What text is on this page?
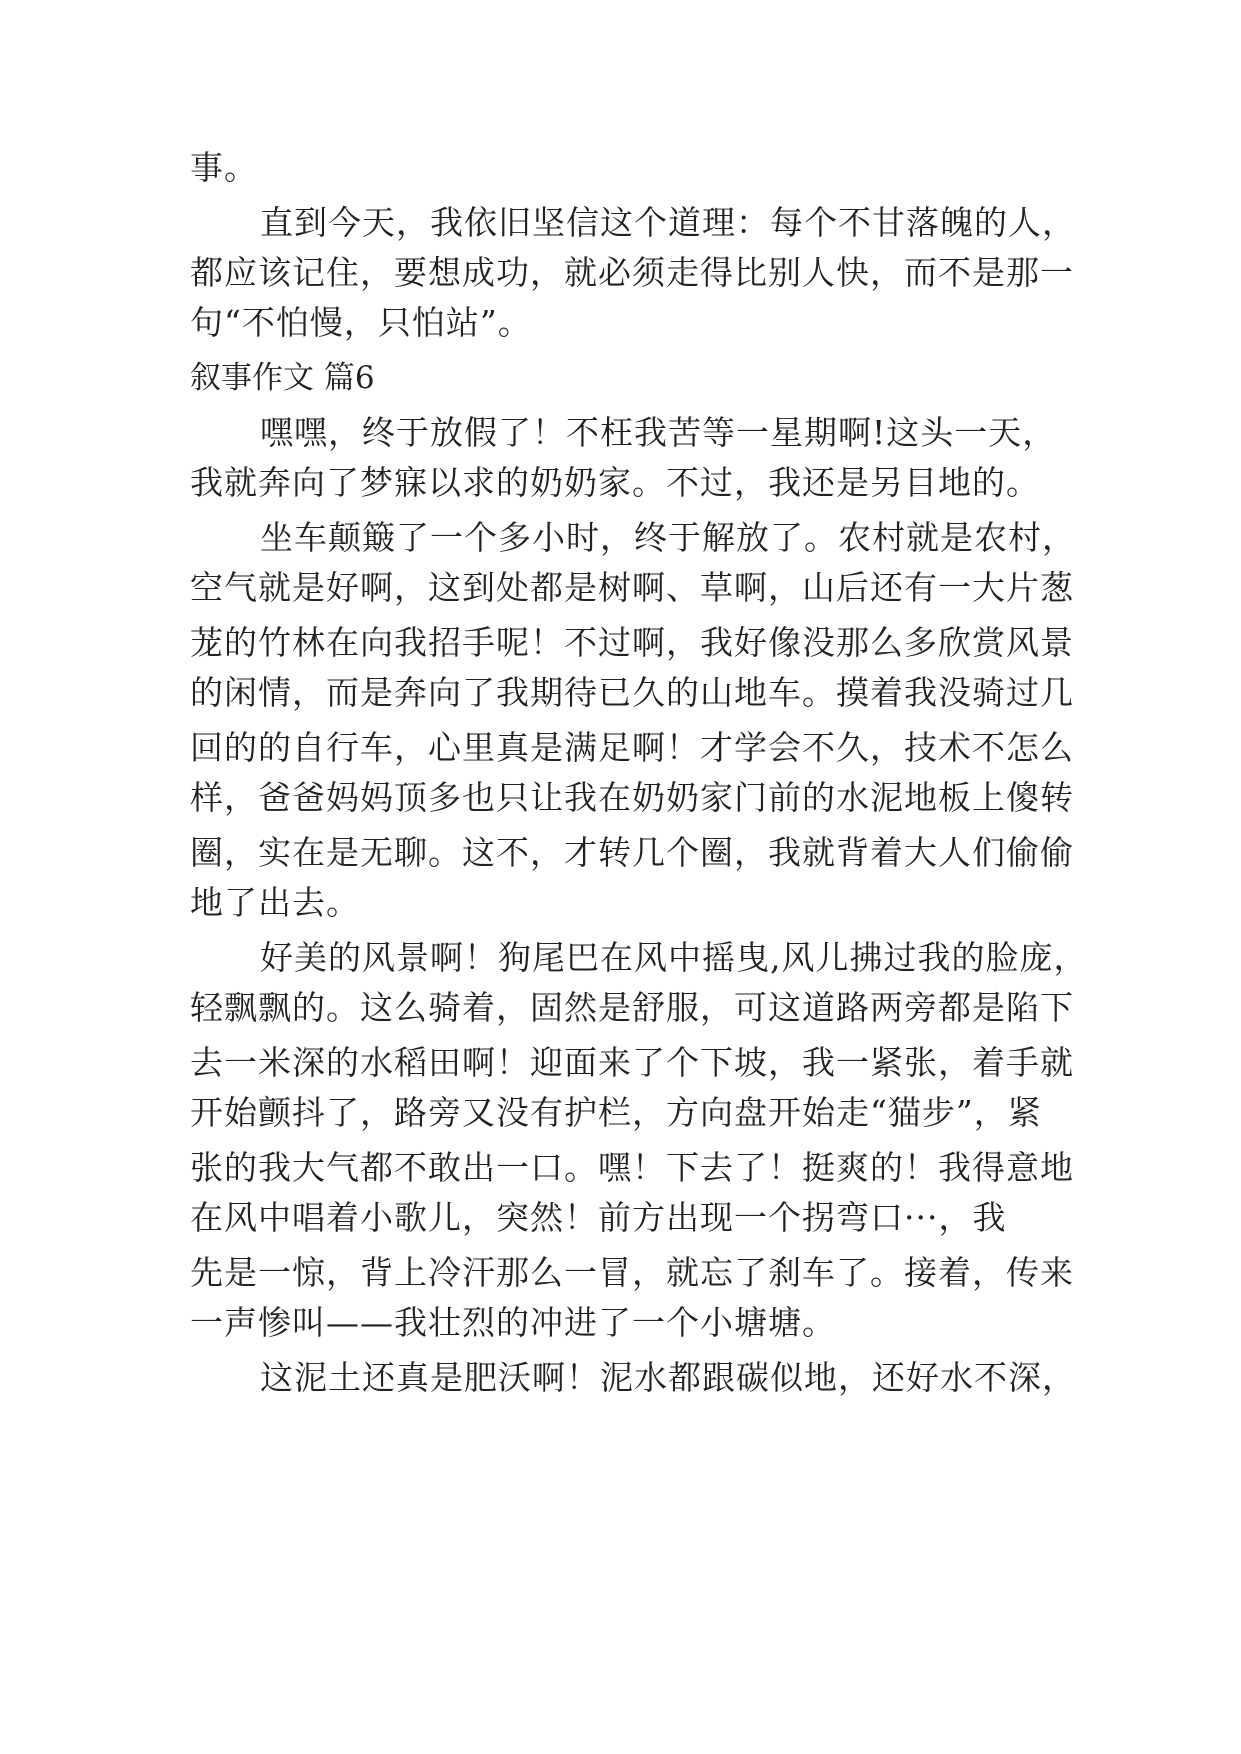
事。
直到今天，我依旧坚信这个道理：每个不甘落魄的人，
都应该记住，要想成功，就必须走得比别人快，而不是那一
句“不怕慢，只怕站”。
叙事作文 篇6
嘿嘿，终于放假了！不枉我苦等一星期啊!这头一天，
我就奔向了梦寐以求的奶奶家。不过，我还是另目地的。
坐车颠簸了一个多小时，终于解放了。农村就是农村，
空气就是好啊，这到处都是树啊、草啊，山后还有一大片葱
茏的竹林在向我招手呢！不过啊，我好像没那么多欣赏风景
的闲情，而是奔向了我期待已久的山地车。摸着我没骑过几
回的的自行车，心里真是满足啊！才学会不久，技术不怎么
样，爸爸妈妈顶多也只让我在奶奶家门前的水泥地板上傻转
圈，实在是无聊。这不，才转几个圈，我就背着大人们偷偷
地了出去。
好美的风景啊！狗尾巴在风中摇曳,风儿拂过我的脸庞，
轻飘飘的。这么骑着，固然是舒服，可这道路两旁都是陷下
去一米深的水稻田啊！迎面来了个下坡，我一紧张，着手就
开始颤抖了，路旁又没有护栏，方向盘开始走“猫步”，紧
张的我大气都不敢出一口。嘿！下去了！挺爽的！我得意地
在风中唱着小歌儿，突然！前方出现一个拐弯口···，我
先是一惊，背上冷汗那么一冒，就忘了刹车了。接着，传来
一声惨叫——我壮烈的冲进了一个小塘塘。
这泥土还真是肥沃啊！泥水都跟碳似地，还好水不深，
